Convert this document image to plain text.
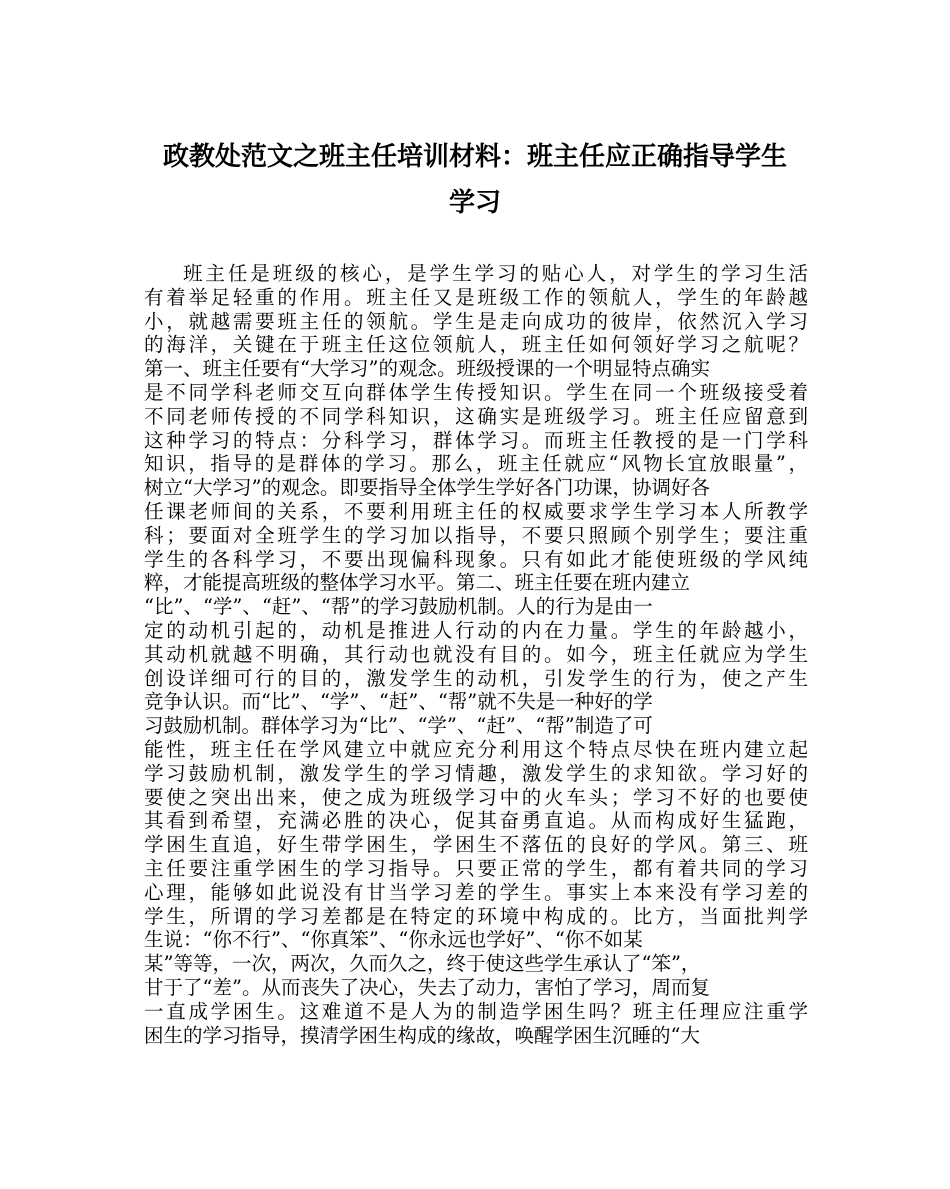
政教处范文之班主任培训材料：班主任应正确指导学生
学习
班主任是班级的核心，是学生学习的贴心人，对学生的学习生活
有着举足轻重的作用。班主任又是班级工作的领航人，学生的年龄越
小，就越需要班主任的领航。学生是走向成功的彼岸，依然沉入学习
的海洋，关键在于班主任这位领航人，班主任如何领好学习之航呢？
第一、班主任要有“大学习”的观念。班级授课的一个明显特点确实
是不同学科老师交互向群体学生传授知识。学生在同一个班级接受着
不同老师传授的不同学科知识，这确实是班级学习。班主任应留意到
这种学习的特点：分科学习，群体学习。而班主任教授的是一门学科
知识，指导的是群体的学习。那么，班主任就应“风物长宜放眼量”，
树立“大学习”的观念。即要指导全体学生学好各门功课，协调好各
任课老师间的关系，不要利用班主任的权威要求学生学习本人所教学
科；要面对全班学生的学习加以指导，不要只照顾个别学生；要注重
学生的各科学习，不要出现偏科现象。只有如此才能使班级的学风纯
粹，才能提高班级的整体学习水平。第二、班主任要在班内建立
“比”、“学”、“赶”、“帮”的学习鼓励机制。人的行为是由一
定的动机引起的，动机是推进人行动的内在力量。学生的年龄越小，
其动机就越不明确，其行动也就没有目的。如今，班主任就应为学生
创设详细可行的目的，激发学生的动机，引发学生的行为，使之产生
竞争认识。而“比”、“学”、“赶”、“帮”就不失是一种好的学
习鼓励机制。群体学习为“比”、“学”、“赶”、“帮”制造了可
能性，班主任在学风建立中就应充分利用这个特点尽快在班内建立起
学习鼓励机制，激发学生的学习情趣，激发学生的求知欲。学习好的
要使之突出出来，使之成为班级学习中的火车头；学习不好的也要使
其看到希望，充满必胜的决心，促其奋勇直追。从而构成好生猛跑，
学困生直追，好生带学困生，学困生不落伍的良好的学风。第三、班
主任要注重学困生的学习指导。只要正常的学生，都有着共同的学习
心理，能够如此说没有甘当学习差的学生。事实上本来没有学习差的
学生，所谓的学习差都是在特定的环境中构成的。比方，当面批判学
生说：“你不行”、“你真笨”、“你永远也学好”、“你不如某
某”等等，一次，两次，久而久之，终于使这些学生承认了“笨”，
甘于了“差”。从而丧失了决心，失去了动力，害怕了学习，周而复
一直成学困生。这难道不是人为的制造学困生吗？班主任理应注重学
困生的学习指导，摸清学困生构成的缘故，唤醒学困生沉睡的“大
